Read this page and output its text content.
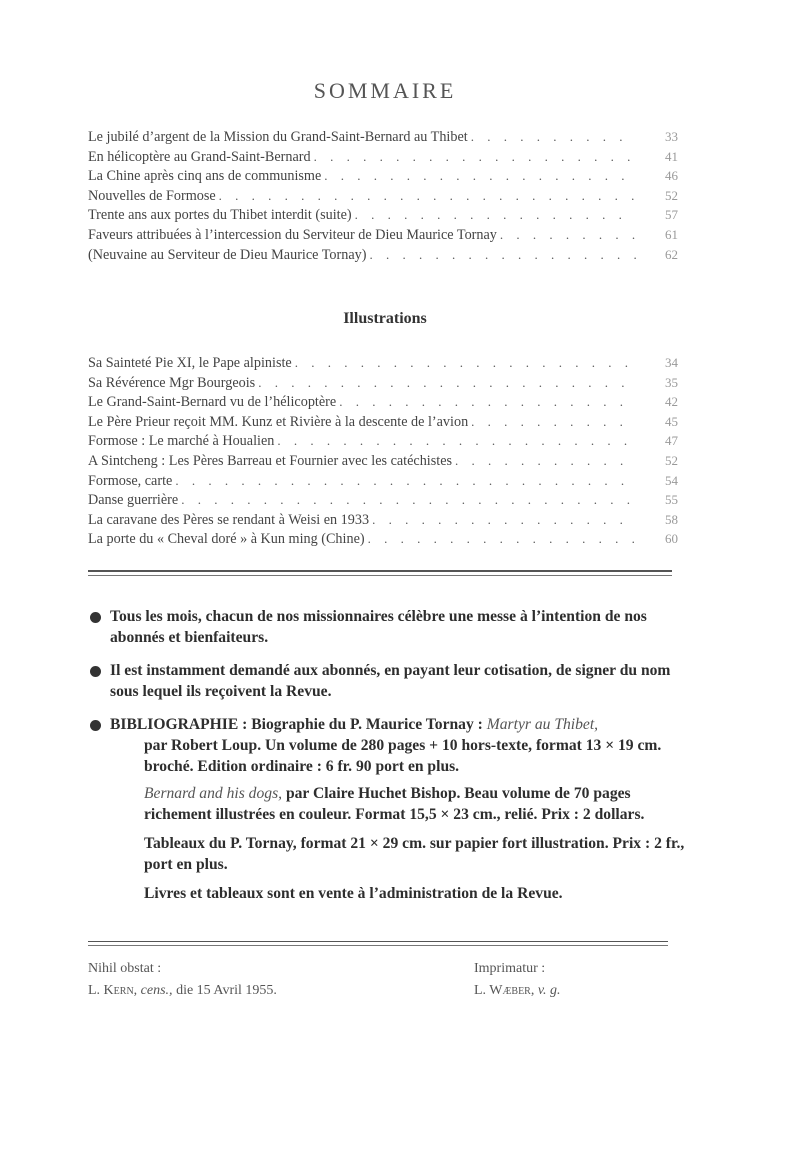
SOMMAIRE
Le jubilé d’argent de la Mission du Grand-Saint-Bernard au Thibet . . .	33
En hélicoptère au Grand-Saint-Bernard . . .	41
La Chine après cinq ans de communisme . . .	46
Nouvelles de Formose . . .	52
Trente ans aux portes du Thibet interdit (suite) . . .	57
Faveurs attribuées à l’intercession du Serviteur de Dieu Maurice Tornay . . .	61
(Neuvaine au Serviteur de Dieu Maurice Tornay) . . .	62
Illustrations
Sa Sainteté Pie XI, le Pape alpiniste . . .	34
Sa Révérence Mgr Bourgeois . . .	35
Le Grand-Saint-Bernard vu de l’hélicoptère . . .	42
Le Père Prieur reçoit MM. Kunz et Rivière à la descente de l’avion . . .	45
Formose : Le marché à Houalien . . .	47
A Sintcheng : Les Pères Barreau et Fournier avec les catéchistes . . .	52
Formose, carte . . .	54
Danse guerrière . . .	55
La caravane des Pères se rendant à Weisi en 1933 . . .	58
La porte du « Cheval doré » à Kun ming (Chine) . . .	60
Tous les mois, chacun de nos missionnaires célèbre une messe à l’intention de nos abonnés et bienfaiteurs.
Il est instamment demandé aux abonnés, en payant leur cotisation, de signer du nom sous lequel ils reçoivent la Revue.
BIBLIOGRAPHIE : Biographie du P. Maurice Tornay : Martyr au Thibet,
par Robert Loup. Un volume de 280 pages + 10 hors-texte, format 13 × 19 cm. broché. Edition ordinaire : 6 fr. 90 port en plus.
Bernard and his dogs, par Claire Huchet Bishop. Beau volume de 70 pages richement illustrées en couleur. Format 15,5 × 23 cm., relié. Prix : 2 dollars.
Tableaux du P. Tornay, format 21 × 29 cm. sur papier fort illustration. Prix : 2 fr., port en plus.
Livres et tableaux sont en vente à l’administration de la Revue.
Nihil obstat :
L. Kern, cens., die 15 Avril 1955.
Imprimatur :
L. Wæber, v. g.
